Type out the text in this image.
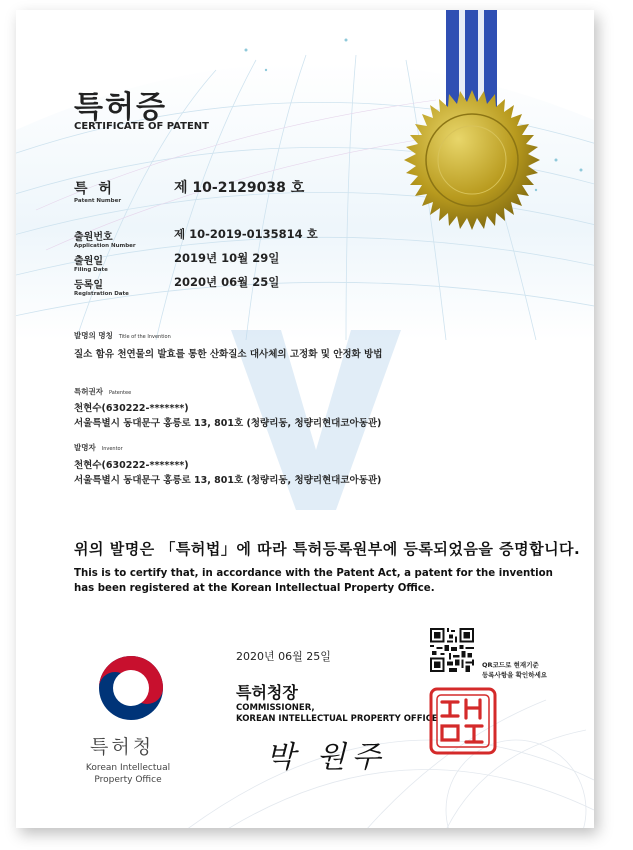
특허증
CERTIFICATE OF PATENT
특 허
Patent Number
제 10-2129038 호
출원번호
Application Number
제 10-2019-0135814 호
출원일
Filing Date
2019년 10월 29일
등록일
Registration Date
2020년 06월 25일
발명의 명칭 Title of the Invention
질소 함유 천연물의 발효를 통한 산화질소 대사체의 고정화 및 안정화 방법
특허권자 Patentee
천현수(630222-*******)
서울특별시 동대문구 홍릉로 13, 801호 (청량리동, 청량리현대코아동관)
발명자 Inventor
천현수(630222-*******)
서울특별시 동대문구 홍릉로 13, 801호 (청량리동, 청량리현대코아동관)
위의 발명은 「특허법」에 따라 특허등록원부에 등록되었음을 증명합니다.
This is to certify that, in accordance with the Patent Act, a patent for the invention has been registered at the Korean Intellectual Property Office.
특허청
Korean Intellectual
Property Office
2020년 06월 25일
특허청장
COMMISSIONER,
KOREAN INTELLECTUAL PROPERTY OFFICE
박 원주
QR코드로 현재기준
등록사항을 확인하세요
